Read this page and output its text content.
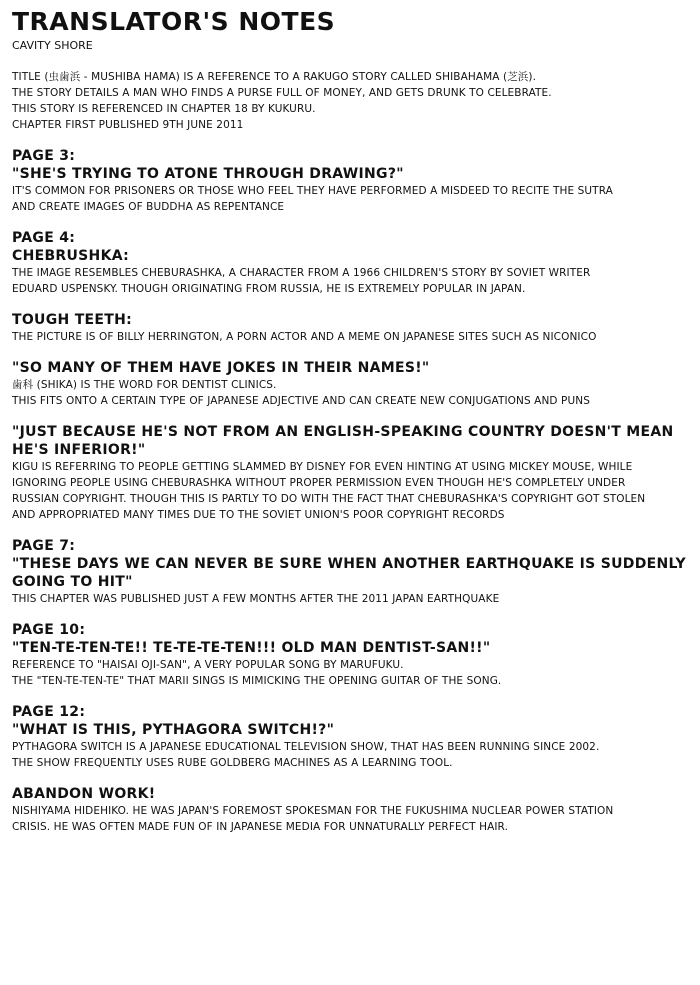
TRANSLATOR'S NOTES
CAVITY SHORE
TITLE (虫歯浜 - MUSHIBA HAMA) IS A REFERENCE TO A RAKUGO STORY CALLED SHIBAHAMA (芝浜).
THE STORY DETAILS A MAN WHO FINDS A PURSE FULL OF MONEY, AND GETS DRUNK TO CELEBRATE.
THIS STORY IS REFERENCED IN CHAPTER 18 BY KUKURU.
CHAPTER FIRST PUBLISHED 9TH JUNE 2011
PAGE 3:
"SHE'S TRYING TO ATONE THROUGH DRAWING?"
IT'S COMMON FOR PRISONERS OR THOSE WHO FEEL THEY HAVE PERFORMED A MISDEED TO RECITE THE SUTRA
AND CREATE IMAGES OF BUDDHA AS REPENTANCE
PAGE 4:
CHEBRUSHKA:
THE IMAGE RESEMBLES CHEBURASHKA, A CHARACTER FROM A 1966 CHILDREN'S STORY BY SOVIET WRITER
EDUARD USPENSKY. THOUGH ORIGINATING FROM RUSSIA, HE IS EXTREMELY POPULAR IN JAPAN.
TOUGH TEETH:
THE PICTURE IS OF BILLY HERRINGTON, A PORN ACTOR AND A MEME ON JAPANESE SITES SUCH AS NICONICO
"SO MANY OF THEM HAVE JOKES IN THEIR NAMES!"
歯科 (SHIKA) IS THE WORD FOR DENTIST CLINICS.
THIS FITS ONTO A CERTAIN TYPE OF JAPANESE ADJECTIVE AND CAN CREATE NEW CONJUGATIONS AND PUNS
"JUST BECAUSE HE'S NOT FROM AN ENGLISH-SPEAKING COUNTRY DOESN'T MEAN HE'S INFERIOR!"
KIGU IS REFERRING TO PEOPLE GETTING SLAMMED BY DISNEY FOR EVEN HINTING AT USING MICKEY MOUSE, WHILE
IGNORING PEOPLE USING CHEBURASHKA WITHOUT PROPER PERMISSION EVEN THOUGH HE'S COMPLETELY UNDER
RUSSIAN COPYRIGHT. THOUGH THIS IS PARTLY TO DO WITH THE FACT THAT CHEBURASHKA'S COPYRIGHT GOT STOLEN
AND APPROPRIATED MANY TIMES DUE TO THE SOVIET UNION'S POOR COPYRIGHT RECORDS
PAGE 7:
"THESE DAYS WE CAN NEVER BE SURE WHEN ANOTHER EARTHQUAKE IS SUDDENLY GOING TO HIT"
THIS CHAPTER WAS PUBLISHED JUST A FEW MONTHS AFTER THE 2011 JAPAN EARTHQUAKE
PAGE 10:
"TEN-TE-TEN-TE!! TE-TE-TE-TEN!!! OLD MAN DENTIST-SAN!!"
REFERENCE TO "HAISAI OJI-SAN", A VERY POPULAR SONG BY MARUFUKU.
THE "TEN-TE-TEN-TE" THAT MARII SINGS IS MIMICKING THE OPENING GUITAR OF THE SONG.
PAGE 12:
"WHAT IS THIS, PYTHAGORA SWITCH!?"
PYTHAGORA SWITCH IS A JAPANESE EDUCATIONAL TELEVISION SHOW, THAT HAS BEEN RUNNING SINCE 2002.
THE SHOW FREQUENTLY USES RUBE GOLDBERG MACHINES AS A LEARNING TOOL.
ABANDON WORK!
NISHIYAMA HIDEHIKO. HE WAS JAPAN'S FOREMOST SPOKESMAN FOR THE FUKUSHIMA NUCLEAR POWER STATION
CRISIS. HE WAS OFTEN MADE FUN OF IN JAPANESE MEDIA FOR UNNATURALLY PERFECT HAIR.
